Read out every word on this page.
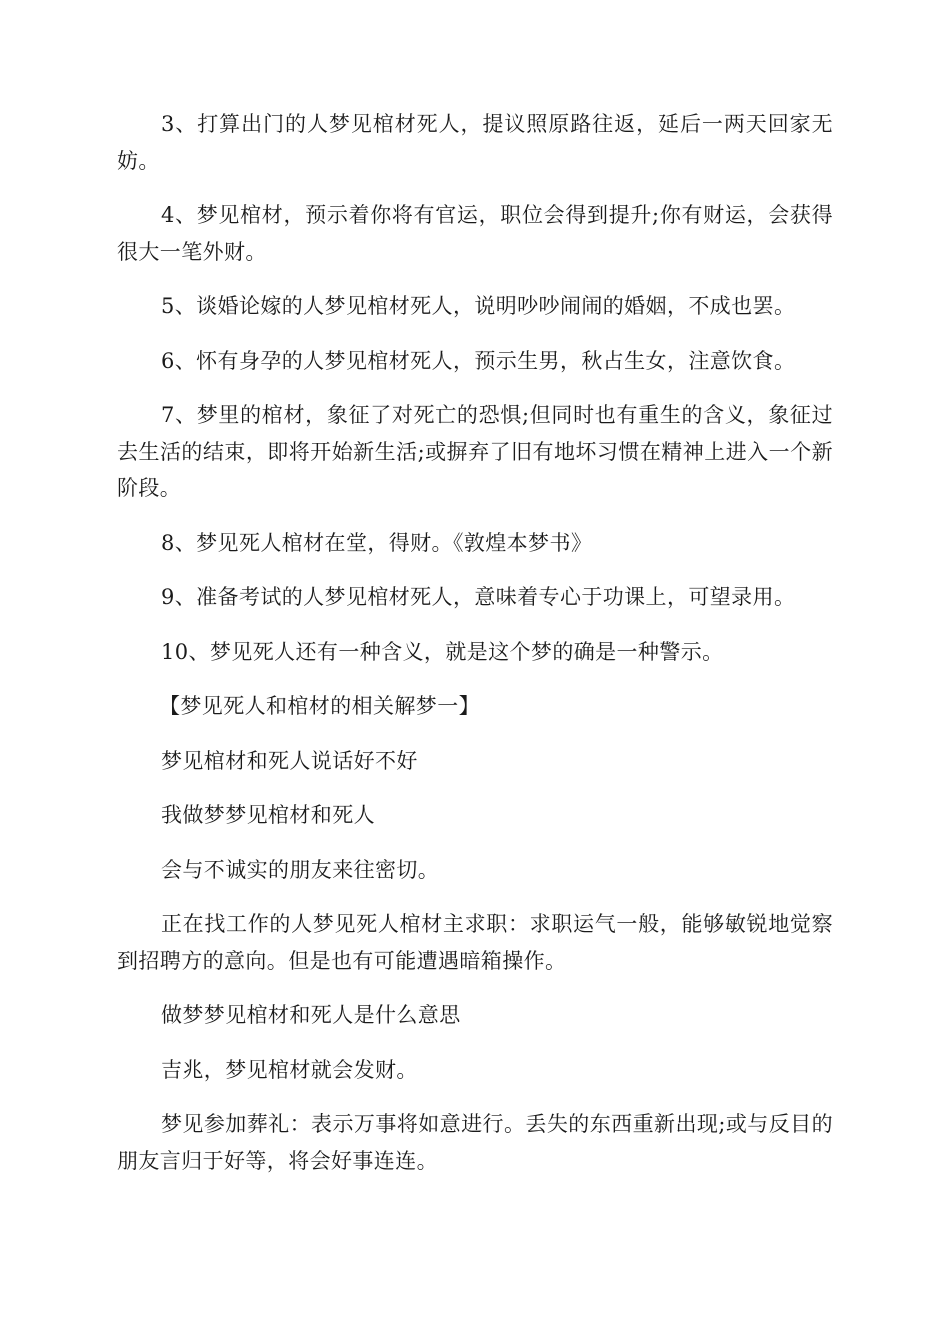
3、打算出门的人梦见棺材死人，提议照原路往返，延后一两天回家无妨。

4、梦见棺材，预示着你将有官运，职位会得到提升;你有财运，会获得很大一笔外财。

5、谈婚论嫁的人梦见棺材死人，说明吵吵闹闹的婚姻，不成也罢。

6、怀有身孕的人梦见棺材死人，预示生男，秋占生女，注意饮食。

7、梦里的棺材，象征了对死亡的恐惧;但同时也有重生的含义，象征过去生活的结束，即将开始新生活;或摒弃了旧有地坏习惯在精神上进入一个新阶段。

8、梦见死人棺材在堂，得财。《敦煌本梦书》

9、准备考试的人梦见棺材死人，意味着专心于功课上，可望录用。

10、梦见死人还有一种含义，就是这个梦的确是一种警示。

【梦见死人和棺材的相关解梦一】

梦见棺材和死人说话好不好

我做梦梦见棺材和死人

会与不诚实的朋友来往密切。

正在找工作的人梦见死人棺材主求职：求职运气一般，能够敏锐地觉察到招聘方的意向。但是也有可能遭遇暗箱操作。

做梦梦见棺材和死人是什么意思

吉兆，梦见棺材就会发财。

梦见参加葬礼：表示万事将如意进行。丢失的东西重新出现;或与反目的朋友言归于好等，将会好事连连。
